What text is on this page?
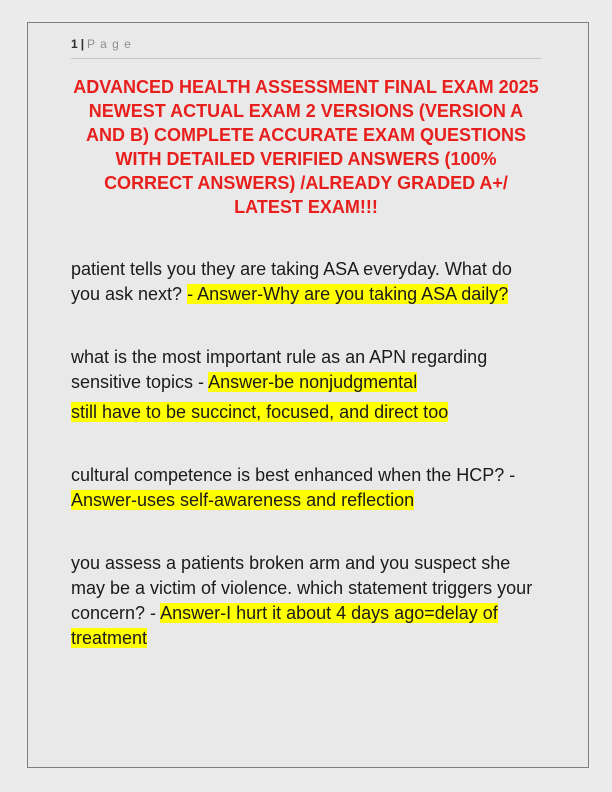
1 | P a g e
ADVANCED HEALTH ASSESSMENT FINAL EXAM 2025 NEWEST ACTUAL EXAM 2 VERSIONS (VERSION A AND B) COMPLETE ACCURATE EXAM QUESTIONS WITH DETAILED VERIFIED ANSWERS (100% CORRECT ANSWERS) /ALREADY GRADED A+/ LATEST EXAM!!!

patient tells you they are taking ASA everyday. What do you ask next? - Answer-Why are you taking ASA daily?

what is the most important rule as an APN regarding sensitive topics - Answer-be nonjudgmental

still have to be succinct, focused, and direct too

cultural competence is best enhanced when the HCP? - Answer-uses self-awareness and reflection

you assess a patients broken arm and you suspect she may be a victim of violence. which statement triggers your concern? - Answer-I hurt it about 4 days ago=delay of treatment
